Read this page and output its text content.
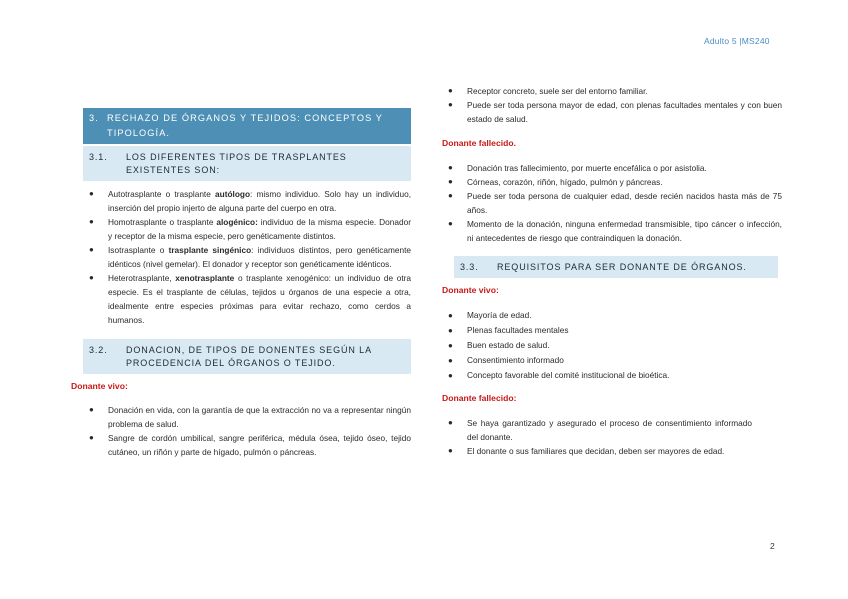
Adulto 5 |MS240
3. RECHAZO DE ÓRGANOS Y TEJIDOS: CONCEPTOS Y TIPOLOGÍA.
3.1.	LOS DIFERENTES TIPOS DE TRASPLANTES EXISTENTES SON:
● Autotrasplante o trasplante autólogo: mismo individuo. Solo hay un individuo, inserción del propio injerto de alguna parte del cuerpo en otra.
● Homotrasplante o trasplante alogénico: individuo de la misma especie. Donador y receptor de la misma especie, pero genéticamente distintos.
● Isotrasplante o trasplante singénico: individuos distintos, pero genéticamente idénticos (nivel gemelar). El donador y receptor son genéticamente idénticos.
● Heterotrasplante, xenotrasplante o trasplante xenogénico: un individuo de otra especie. Es el trasplante de células, tejidos u órganos de una especie a otra, idealmente entre especies próximas para evitar rechazo, como cerdos a humanos.
3.2.	DONACION, DE TIPOS DE DONENTES SEGÚN LA PROCEDENCIA DEL ÓRGANOS O TEJIDO.
Donante vivo:
● Donación en vida, con la garantía de que la extracción no va a representar ningún problema de salud.
● Sangre de cordón umbilical, sangre periférica, médula ósea, tejido óseo, tejido cutáneo, un riñón y parte de hígado, pulmón o páncreas.
● Receptor concreto, suele ser del entorno familiar.
● Puede ser toda persona mayor de edad, con plenas facultades mentales y con buen estado de salud.
Donante fallecido.
● Donación tras fallecimiento, por muerte encefálica o por asistolia.
● Córneas, corazón, riñón, hígado, pulmón y páncreas.
● Puede ser toda persona de cualquier edad, desde recién nacidos hasta más de 75 años.
● Momento de la donación, ninguna enfermedad transmisible, tipo cáncer o infección, ni antecedentes de riesgo que contraindiquen la donación.
3.3.	REQUISITOS PARA SER DONANTE DE ÓRGANOS.
Donante vivo:
● Mayoría de edad.
● Plenas facultades mentales
● Buen estado de salud.
● Consentimiento informado
● Concepto favorable del comité institucional de bioética.
Donante fallecido:
● Se haya garantizado y asegurado el proceso de consentimiento informado del donante.
● El donante o sus familiares que decidan, deben ser mayores de edad.
2
